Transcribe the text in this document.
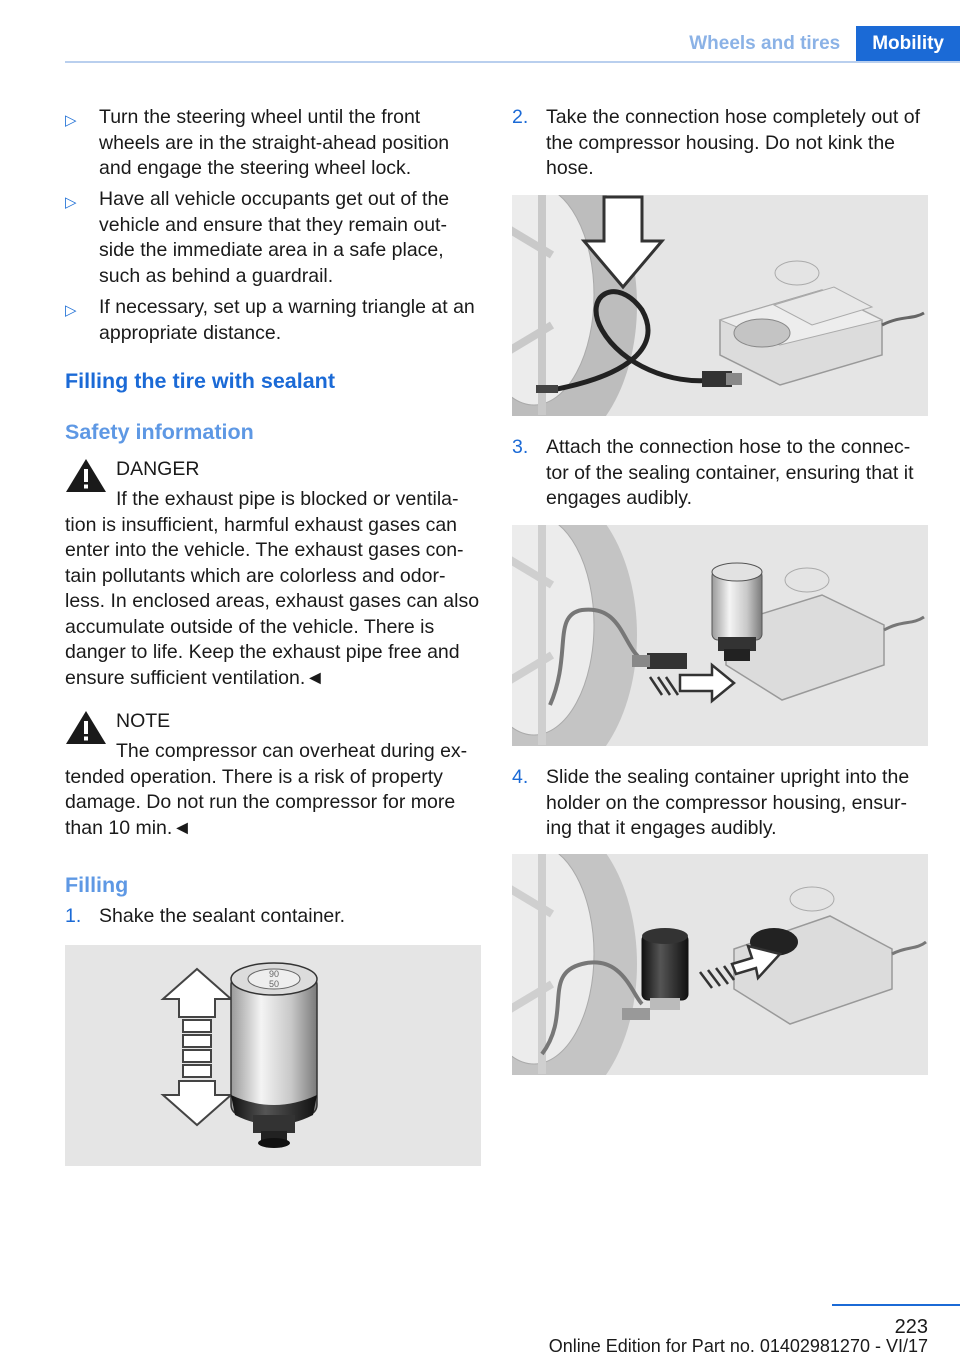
Wheels and tires	Mobility
▷	Turn the steering wheel until the front wheels are in the straight-ahead position and engage the steering wheel lock.
▷	Have all vehicle occupants get out of the vehicle and ensure that they remain out-side the immediate area in a safe place, such as behind a guardrail.
▷	If necessary, set up a warning triangle at an appropriate distance.
Filling the tire with sealant
Safety information
DANGER
If the exhaust pipe is blocked or ventila-tion is insufficient, harmful exhaust gases can enter into the vehicle. The exhaust gases con-tain pollutants which are colorless and odor-less. In enclosed areas, exhaust gases can also accumulate outside of the vehicle. There is danger to life. Keep the exhaust pipe free and ensure sufficient ventilation.◄
NOTE
The compressor can overheat during ex-tended operation. There is a risk of property damage. Do not run the compressor for more than 10 min.◄
Filling
1. Shake the sealant container.
90
50
2. Take the connection hose completely out of the compressor housing. Do not kink the hose.
3. Attach the connection hose to the connec-tor of the sealing container, ensuring that it engages audibly.
4. Slide the sealing container upright into the holder on the compressor housing, ensur-ing that it engages audibly.
223
Online Edition for Part no. 01402981270 - VI/17
